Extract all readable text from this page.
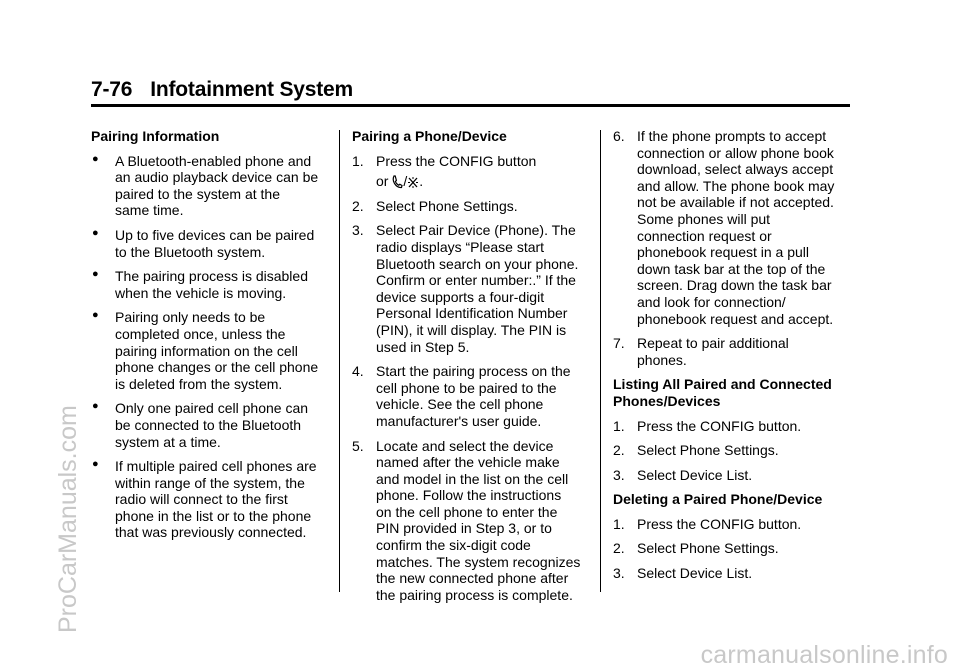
7-76 Infotainment System
ProCarManuals.com
carmanualsonline.info

Pairing Information

● A Bluetooth-enabled phone and

an audio playback device can be

paired to the system at the

same time.

● Up to five devices can be paired

to the Bluetooth system.

● The pairing process is disabled

when the vehicle is moving.

● Pairing only needs to be

completed once, unless the

pairing information on the cell

phone changes or the cell phone

is deleted from the system.

● Only one paired cell phone can

be connected to the Bluetooth

system at a time.

● If multiple paired cell phones are

within range of the system, the

radio will connect to the first

phone in the list or to the phone

that was previously connected.

Pairing a Phone/Device

1. Press the CONFIG button

or / .

2. Select Phone Settings.

3. Select Pair Device (Phone). The

radio displays “Please start

Bluetooth search on your phone.

Confirm or enter number:.” If the

device supports a four-digit

Personal Identification Number

(PIN), it will display. The PIN is

used in Step 5.

4. Start the pairing process on the

cell phone to be paired to the

vehicle. See the cell phone

manufacturer's user guide.

5. Locate and select the device

named after the vehicle make

and model in the list on the cell

phone. Follow the instructions

on the cell phone to enter the

PIN provided in Step 3, or to

confirm the six-digit code

matches. The system recognizes

the new connected phone after

the pairing process is complete.

6. If the phone prompts to accept

connection or allow phone book

download, select always accept

and allow. The phone book may

not be available if not accepted.

Some phones will put

connection request or

phonebook request in a pull

down task bar at the top of the

screen. Drag down the task bar

and look for connection/

phonebook request and accept.

7. Repeat to pair additional

phones.

Listing All Paired and Connected
Phones/Devices

1. Press the CONFIG button.

2. Select Phone Settings.

3. Select Device List.

Deleting a Paired Phone/Device

1. Press the CONFIG button.

2. Select Phone Settings.

3. Select Device List.
